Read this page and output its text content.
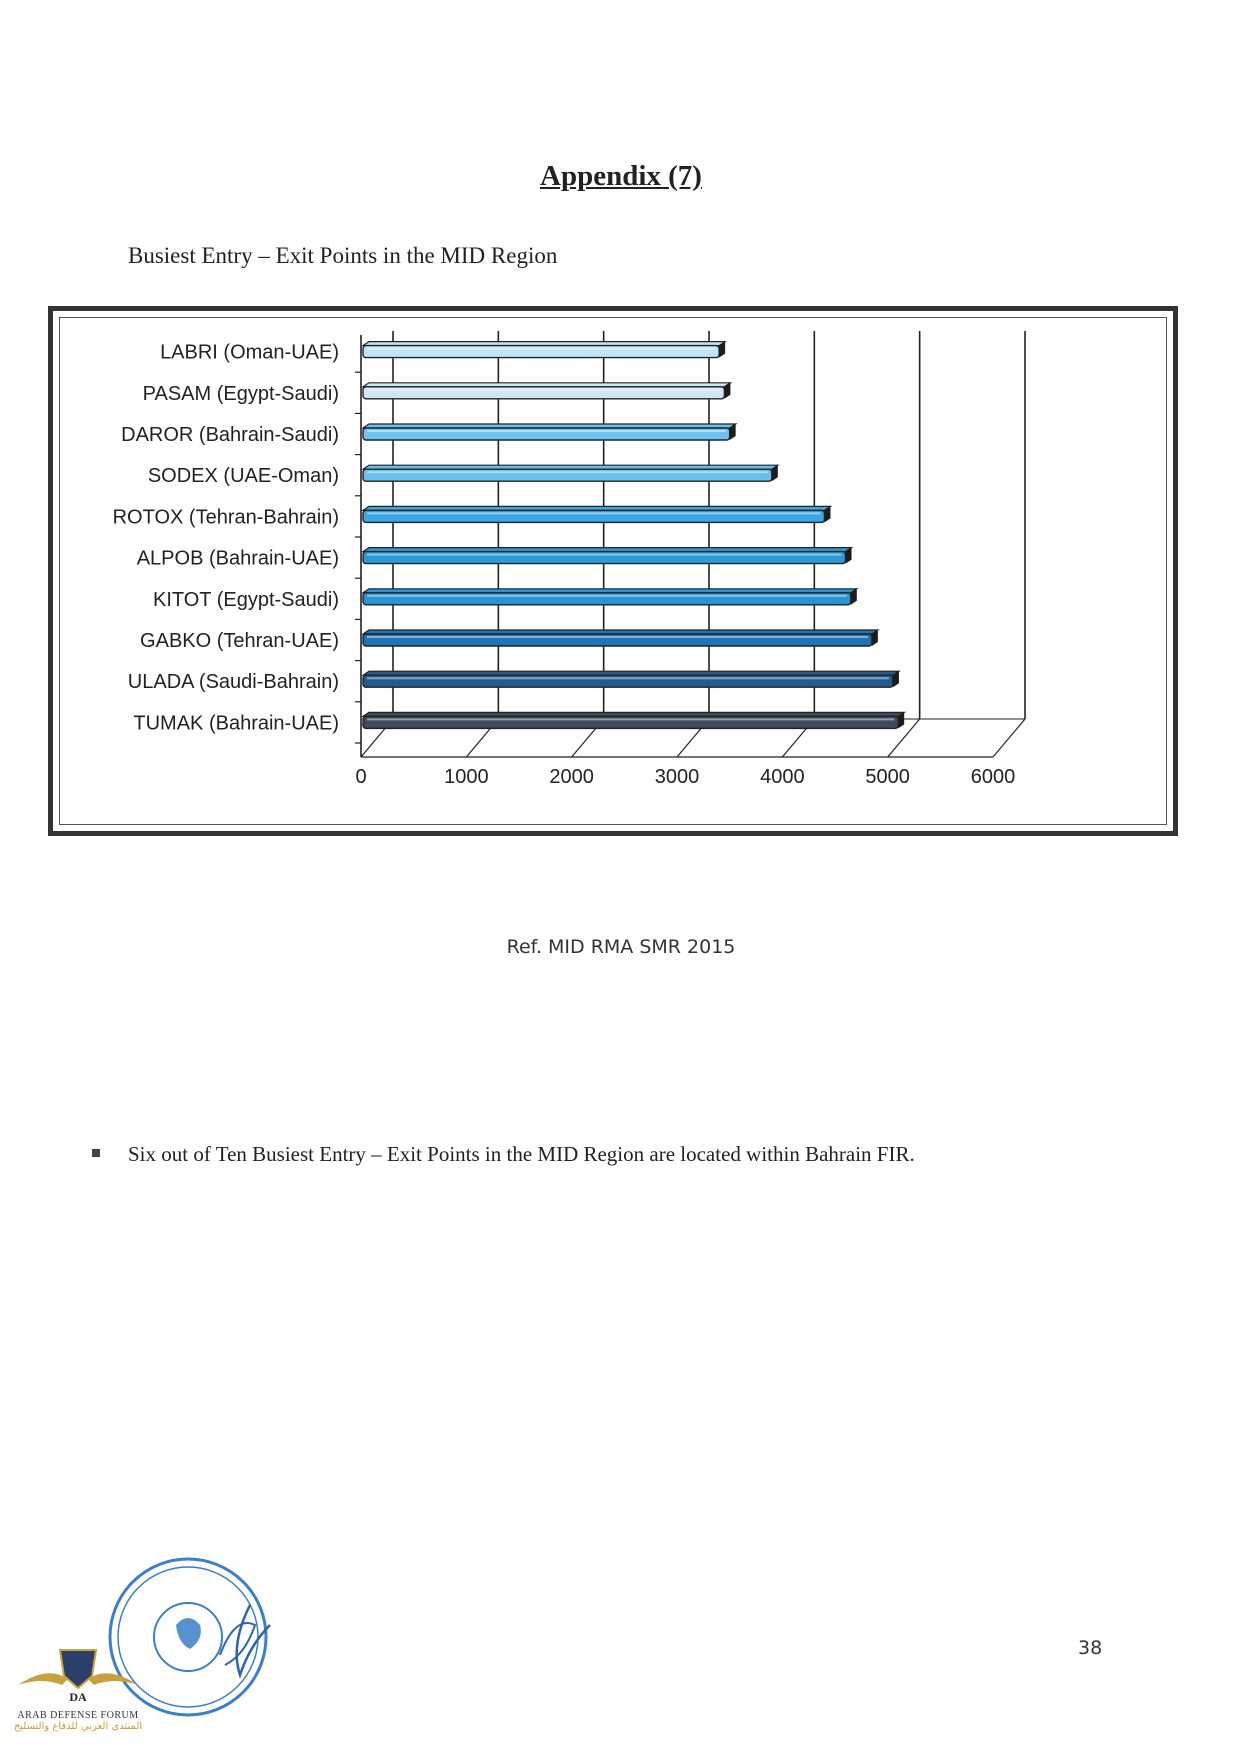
Appendix (7)
Busiest Entry – Exit Points in the MID Region
0	1000	2000	3000	4000	5000	6000
LABRI (Oman-UAE)
PASAM (Egypt-Saudi)
DAROR (Bahrain-Saudi)
SODEX (UAE-Oman)
ROTOX (Tehran-Bahrain)
ALPOB (Bahrain-UAE)
KITOT (Egypt-Saudi)
GABKO (Tehran-UAE)
ULADA (Saudi-Bahrain)
TUMAK (Bahrain-UAE)
Ref. MID RMA SMR 2015
Six out of Ten Busiest Entry – Exit Points in the MID Region are located within Bahrain FIR.
38
DA
ARAB DEFENSE FORUM
المنتدى العربي للدفاع والتسليح
